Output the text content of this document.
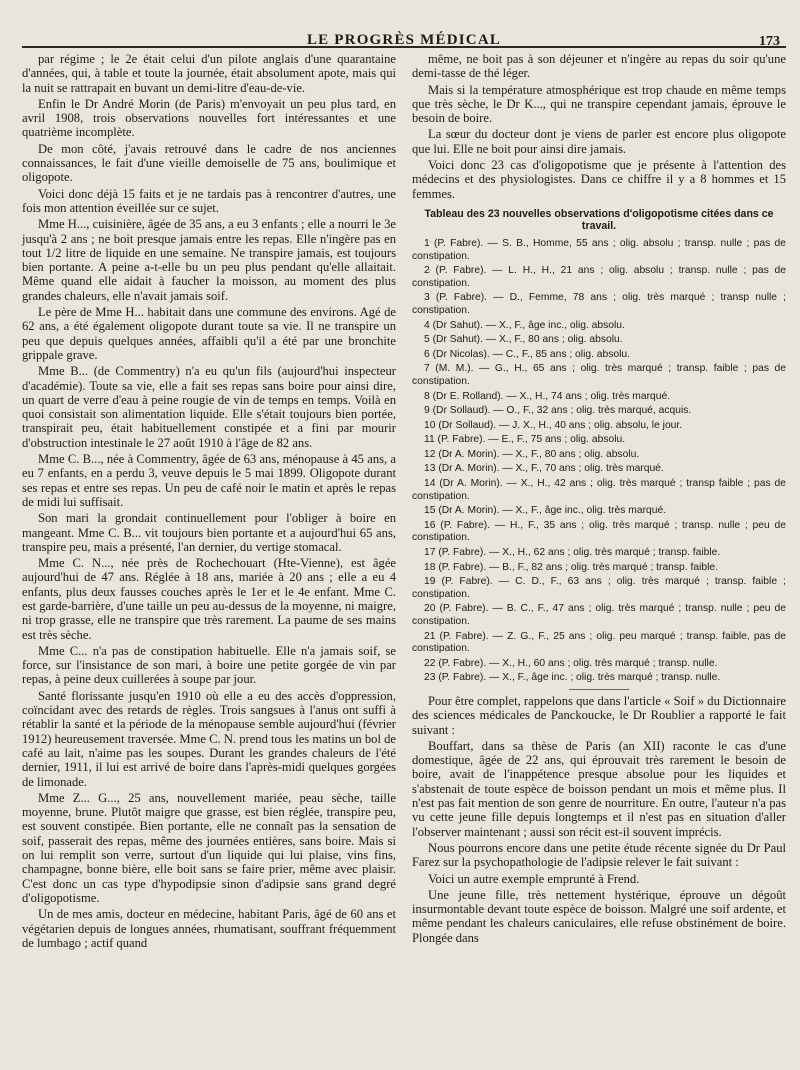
LE PROGRÈS MÉDICAL	173

par régime ; le 2e était celui d'un pilote anglais d'une quarantaine d'années, qui, à table et toute la journée, était absolument apote, mais qui la nuit se rattrapait en buvant un demi-litre d'eau-de-vie.

Enfin le Dr André Morin (de Paris) m'envoyait un peu plus tard, en avril 1908, trois observations nouvelles fort intéressantes et une quatrième incomplète.

De mon côté, j'avais retrouvé dans le cadre de nos anciennes connaissances, le fait d'une vieille demoiselle de 75 ans, boulimique et oligopote.

Voici donc déjà 15 faits et je ne tardais pas à rencontrer d'autres, une fois mon attention éveillée sur ce sujet.

Mme H..., cuisinière, âgée de 35 ans, a eu 3 enfants ; elle a nourri le 3e jusqu'à 2 ans ; ne boit presque jamais entre les repas. Elle n'ingère pas en tout 1/2 litre de liquide en une semaine. Ne transpire jamais, est toujours bien portante. A peine a-t-elle bu un peu plus pendant qu'elle allaitait. Même quand elle aidait à faucher la moisson, au moment des plus grandes chaleurs, elle n'avait jamais soif.

Le père de Mme H... habitait dans une commune des environs. Agé de 62 ans, a été également oligopote durant toute sa vie. Il ne transpire un peu que depuis quelques années, affaibli qu'il a été par une bronchite grippale grave.

Mme B... (de Commentry) n'a eu qu'un fils (aujourd'hui inspecteur d'académie). Toute sa vie, elle a fait ses repas sans boire pour ainsi dire, un quart de verre d'eau à peine rougie de vin de temps en temps. Voilà en quoi consistait son alimentation liquide. Elle s'était toujours bien portée, transpirait peu, était habituellement constipée et a fini par mourir d'obstruction intestinale le 27 août 1910 à l'âge de 82 ans.

Mme C. B..., née à Commentry, âgée de 63 ans, ménopause à 45 ans, a eu 7 enfants, en a perdu 3, veuve depuis le 5 mai 1899. Oligopote durant ses repas et entre ses repas. Un peu de café noir le matin et après le repas de midi lui suffisait.

Son mari la grondait continuellement pour l'obliger à boire en mangeant. Mme C. B... vit toujours bien portante et a aujourd'hui 65 ans, transpire peu, mais a présenté, l'an dernier, du vertige stomacal.

Mme C. N..., née près de Rochechouart (Hte-Vienne), est âgée aujourd'hui de 47 ans. Réglée à 18 ans, mariée à 20 ans ; elle a eu 4 enfants, plus deux fausses couches après le 1er et le 4e enfant. Mme C. est garde-barrière, d'une taille un peu au-dessus de la moyenne, ni maigre, ni trop grasse, elle ne transpire que très rarement. La paume de ses mains est très sèche.

Mme C... n'a pas de constipation habituelle. Elle n'a jamais soif, se force, sur l'insistance de son mari, à boire une petite gorgée de vin par repas, à peine deux cuillerées à soupe par jour.

Santé florissante jusqu'en 1910 où elle a eu des accès d'oppression, coïncidant avec des retards de règles. Trois sangsues à l'anus ont suffi à rétablir la santé et la période de la ménopause semble aujourd'hui (février 1912) heureusement traversée. Mme C. N. prend tous les matins un bol de café au lait, n'aime pas les soupes. Durant les grandes chaleurs de l'été dernier, 1911, il lui est arrivé de boire dans l'après-midi quelques gorgées de limonade.

Mme Z... G..., 25 ans, nouvellement mariée, peau sèche, taille moyenne, brune. Plutôt maigre que grasse, est bien réglée, transpire peu, est souvent constipée. Bien portante, elle ne connaît pas la sensation de soif, passerait des repas, même des journées entières, sans boire. Mais si on lui remplit son verre, surtout d'un liquide qui lui plaise, vins fins, champagne, bonne bière, elle boit sans se faire prier, même avec plaisir. C'est donc un cas type d'hypodipsie sinon d'adipsie sans grand degré d'oligopotisme.

Un de mes amis, docteur en médecine, habitant Paris, âgé de 60 ans et végétarien depuis de longues années, rhumatisant, souffrant fréquemment de lumbago ; actif quand

même, ne boit pas à son déjeuner et n'ingère au repas du soir qu'une demi-tasse de thé léger.

Mais si la température atmosphérique est trop chaude en même temps que très sèche, le Dr K..., qui ne transpire cependant jamais, éprouve le besoin de boire.

La sœur du docteur dont je viens de parler est encore plus oligopote que lui. Elle ne boit pour ainsi dire jamais.

Voici donc 23 cas d'oligopotisme que je présente à l'attention des médecins et des physiologistes. Dans ce chiffre il y a 8 hommes et 15 femmes.

Tableau des 23 nouvelles observations d'oligopotisme citées dans ce travail.

1 (P. Fabre). — S. B., Homme, 55 ans ; olig. absolu ; transp. nulle ; pas de constipation.

2 (P. Fabre). — L. H., H., 21 ans ; olig. absolu ; transp. nulle ; pas de constipation.

3 (P. Fabre). — D., Femme, 78 ans ; olig. très marqué ; transp nulle ; constipation.

4 (Dr Sahut). — X., F., âge inc., olig. absolu.

5 (Dr Sahut). — X., F., 80 ans ; olig. absolu.

6 (Dr Nicolas). — C., F., 85 ans ; olig. absolu.

7 (M. M.). — G., H., 65 ans ; olig. très marqué ; transp. faible ; pas de constipation.

8 (Dr E. Rolland). — X., H., 74 ans ; olig. très marqué.

9 (Dr Sollaud). — O., F., 32 ans ; olig. très marqué, acquis.

10 (Dr Sollaud). — J. X., H., 40 ans ; olig. absolu, le jour.

11 (P. Fabre). — E., F., 75 ans ; olig. absolu.

12 (Dr A. Morin). — X., F., 80 ans ; olig. absolu.

13 (Dr A. Morin). — X., F., 70 ans ; olig. très marqué.

14 (Dr A. Morin). — X., H., 42 ans ; olig. très marqué ; transp faible ; pas de constipation.

15 (Dr A. Morin). — X., F., âge inc., olig. très marqué.

16 (P. Fabre). — H., F., 35 ans ; olig. très marqué ; transp. nulle ; peu de constipation.

17 (P. Fabre). — X., H., 62 ans ; olig. très marqué ; transp. faible.

18 (P. Fabre). — B., F., 82 ans ; olig. très marqué ; transp. faible.

19 (P. Fabre). — C. D., F., 63 ans ; olig. très marqué ; transp. faible ; constipation.

20 (P. Fabre). — B. C., F., 47 ans ; olig. très marqué ; transp. nulle ; peu de constipation.

21 (P. Fabre). — Z. G., F., 25 ans ; olig. peu marqué ; transp. faible, pas de constipation.

22 (P. Fabre). — X., H., 60 ans ; olig. très marqué ; transp. nulle.

23 (P. Fabre). — X., F., âge inc. ; olig. très marqué ; transp. nulle.

Pour être complet, rappelons que dans l'article « Soif » du Dictionnaire des sciences médicales de Panckoucke, le Dr Roublier a rapporté le fait suivant :

Bouffart, dans sa thèse de Paris (an XII) raconte le cas d'une domestique, âgée de 22 ans, qui éprouvait très rarement le besoin de boire, avait de l'inappétence presque absolue pour les liquides et s'abstenait de toute espèce de boisson pendant un mois et même plus. Il n'est pas fait mention de son genre de nourriture. En outre, l'auteur n'a pas vu cette jeune fille depuis longtemps et il n'est pas en situation d'aller l'observer maintenant ; aussi son récit est-il souvent imprécis.

Nous pourrons encore dans une petite étude récente signée du Dr Paul Farez sur la psychopathologie de l'adipsie relever le fait suivant :

Voici un autre exemple emprunté à Frend.

Une jeune fille, très nettement hystérique, éprouve un dégoût insurmontable devant toute espèce de boisson. Malgré une soif ardente, et même pendant les chaleurs caniculaires, elle refuse obstinément de boire. Plongée dans
